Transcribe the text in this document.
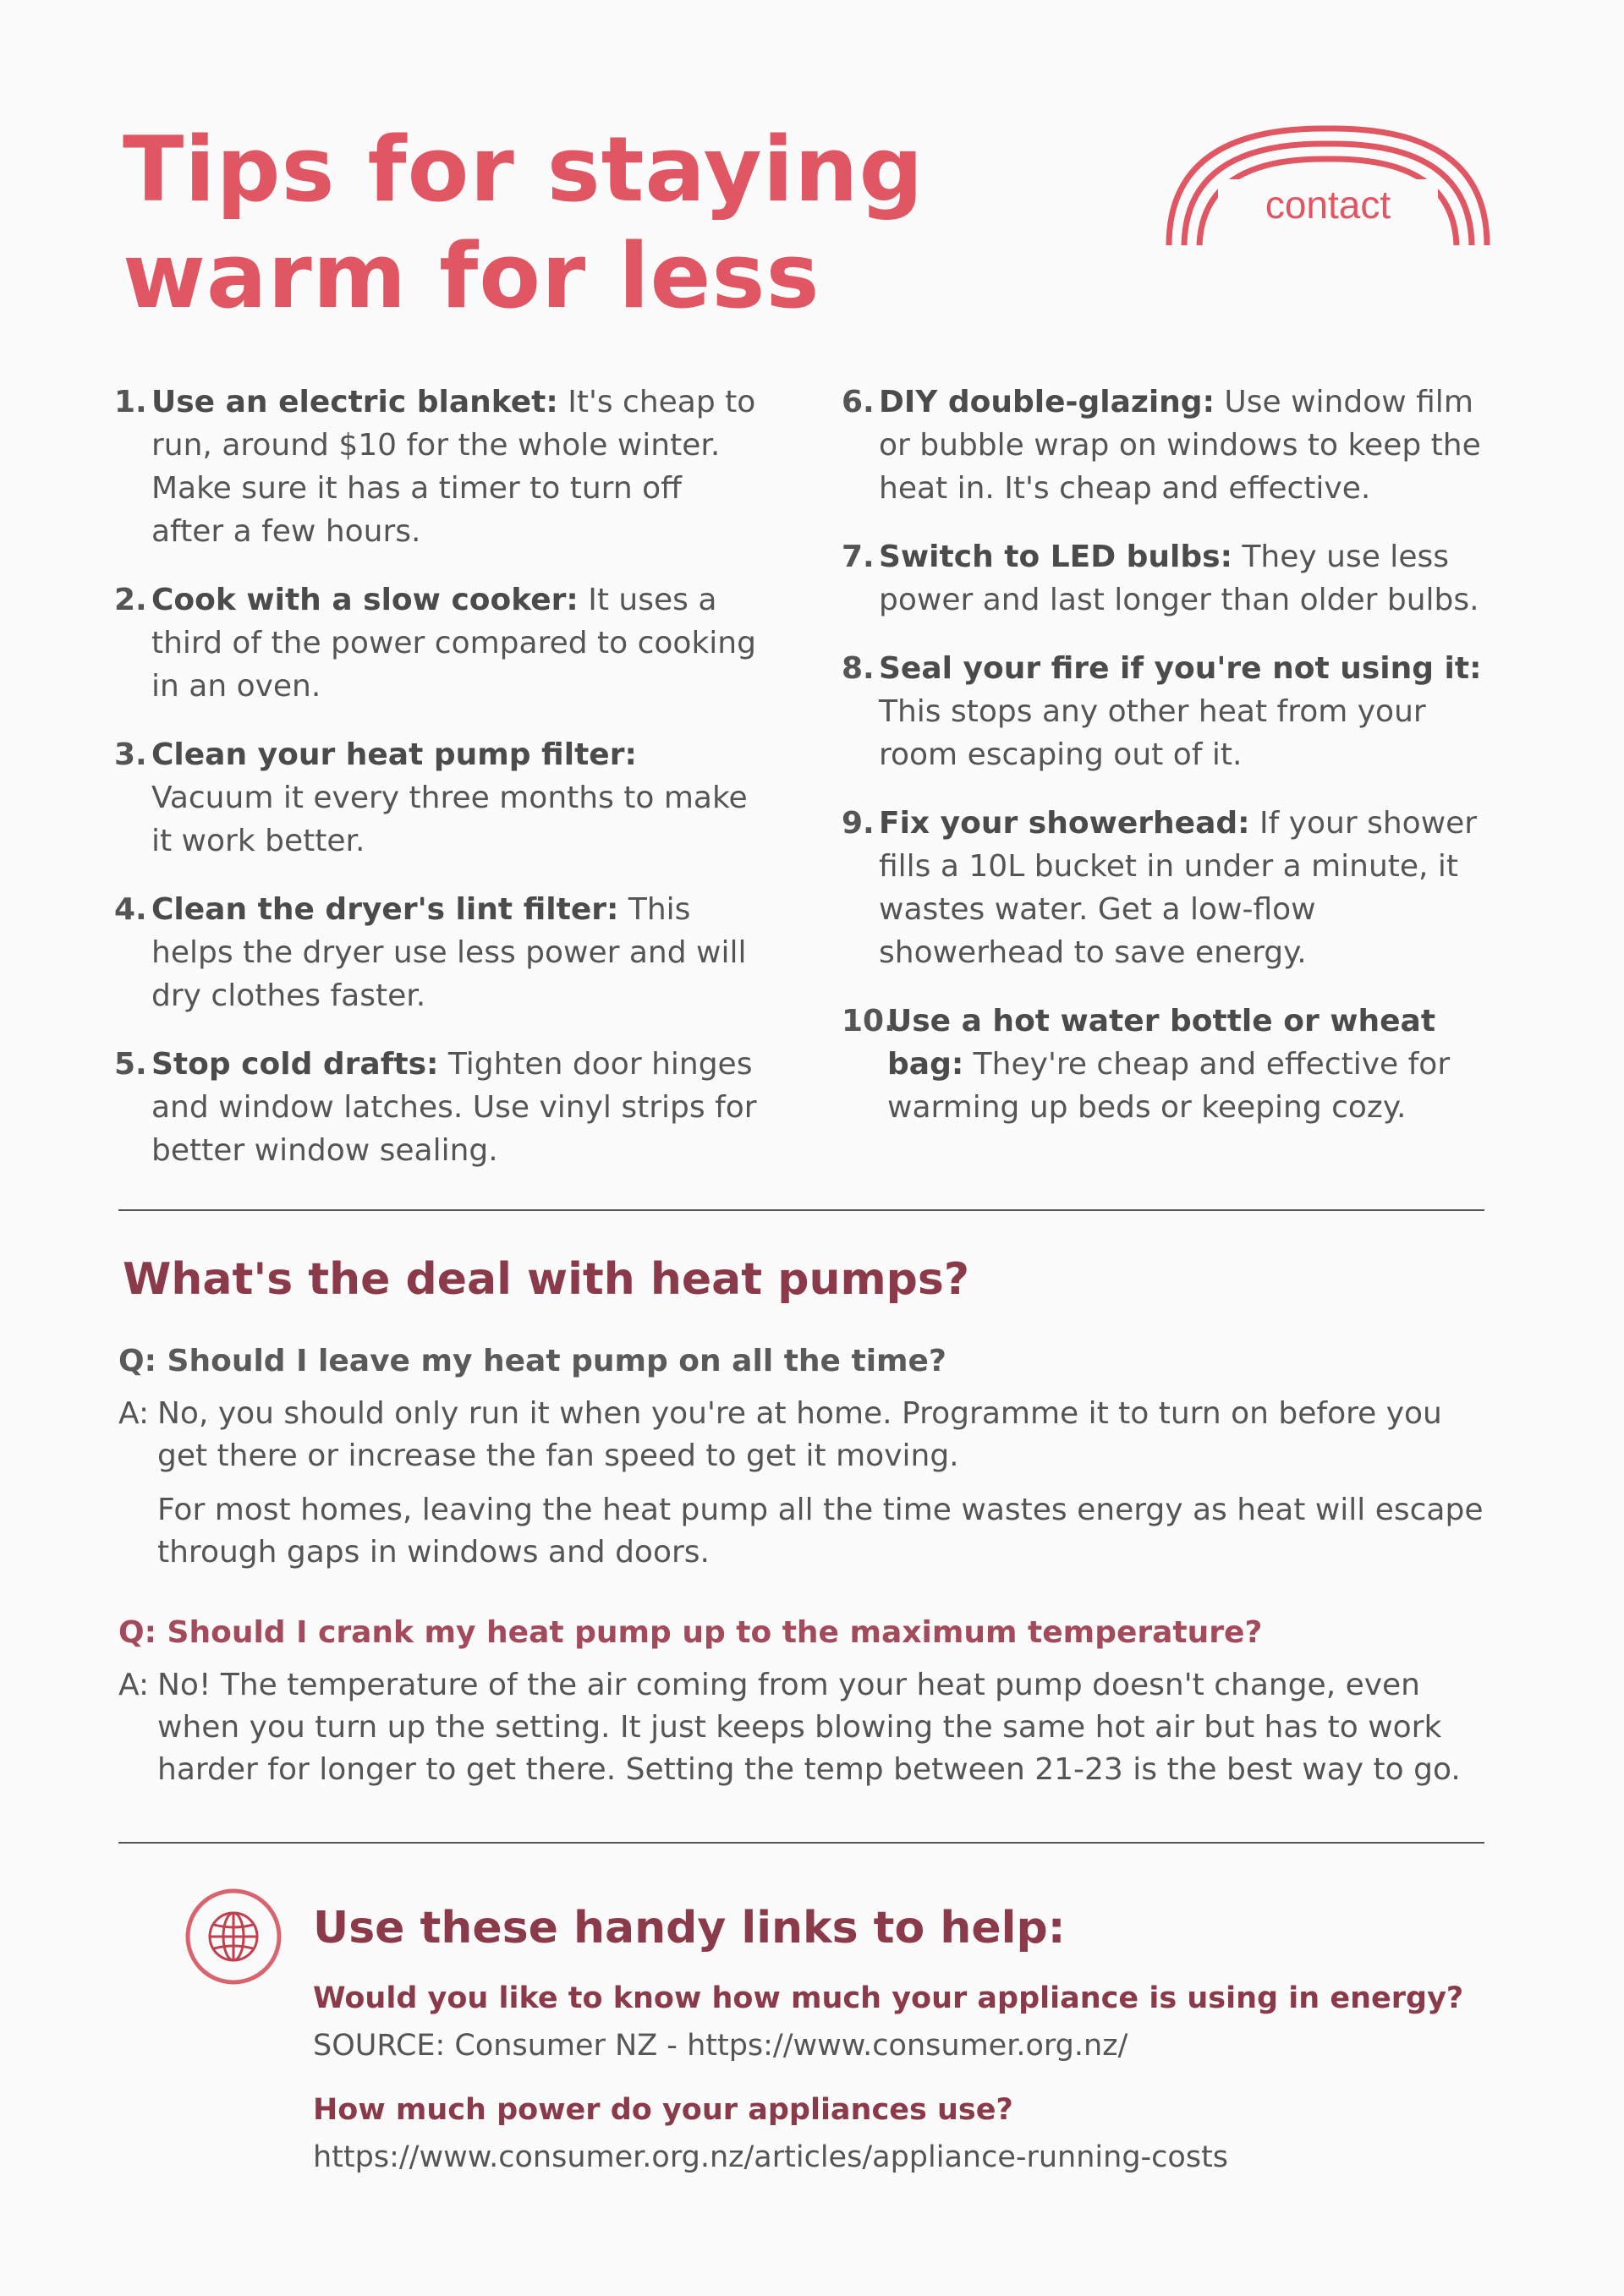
Tips for staying
warm for less
contact
1. Use an electric blanket: It's cheap to run, around $10 for the whole winter. Make sure it has a timer to turn off after a few hours.
2. Cook with a slow cooker: It uses a third of the power compared to cooking in an oven.
3. Clean your heat pump filter: Vacuum it every three months to make it work better.
4. Clean the dryer's lint filter: This helps the dryer use less power and will dry clothes faster.
5. Stop cold drafts: Tighten door hinges and window latches. Use vinyl strips for better window sealing.
6. DIY double-glazing: Use window film or bubble wrap on windows to keep the heat in. It's cheap and effective.
7. Switch to LED bulbs: They use less power and last longer than older bulbs.
8. Seal your fire if you're not using it: This stops any other heat from your room escaping out of it.
9. Fix your showerhead: If your shower fills a 10L bucket in under a minute, it wastes water. Get a low-flow showerhead to save energy.
10.
Use a hot water bottle or wheat bag: They're cheap and effective for warming up beds or keeping cozy.
What's the deal with heat pumps?

Q: Should I leave my heat pump on all the time?

A: No, you should only run it when you're at home. Programme it to turn on before you get there or increase the fan speed to get it moving.

For most homes, leaving the heat pump all the time wastes energy as heat will escape through gaps in windows and doors.

Q: Should I crank my heat pump up to the maximum temperature?

A: No! The temperature of the air coming from your heat pump doesn't change, even when you turn up the setting. It just keeps blowing the same hot air but has to work harder for longer to get there. Setting the temp between 21-23 is the best way to go.

Use these handy links to help:

Would you like to know how much your appliance is using in energy?

SOURCE: Consumer NZ - https://www.consumer.org.nz/

How much power do your appliances use?

https://www.consumer.org.nz/articles/appliance-running-costs
